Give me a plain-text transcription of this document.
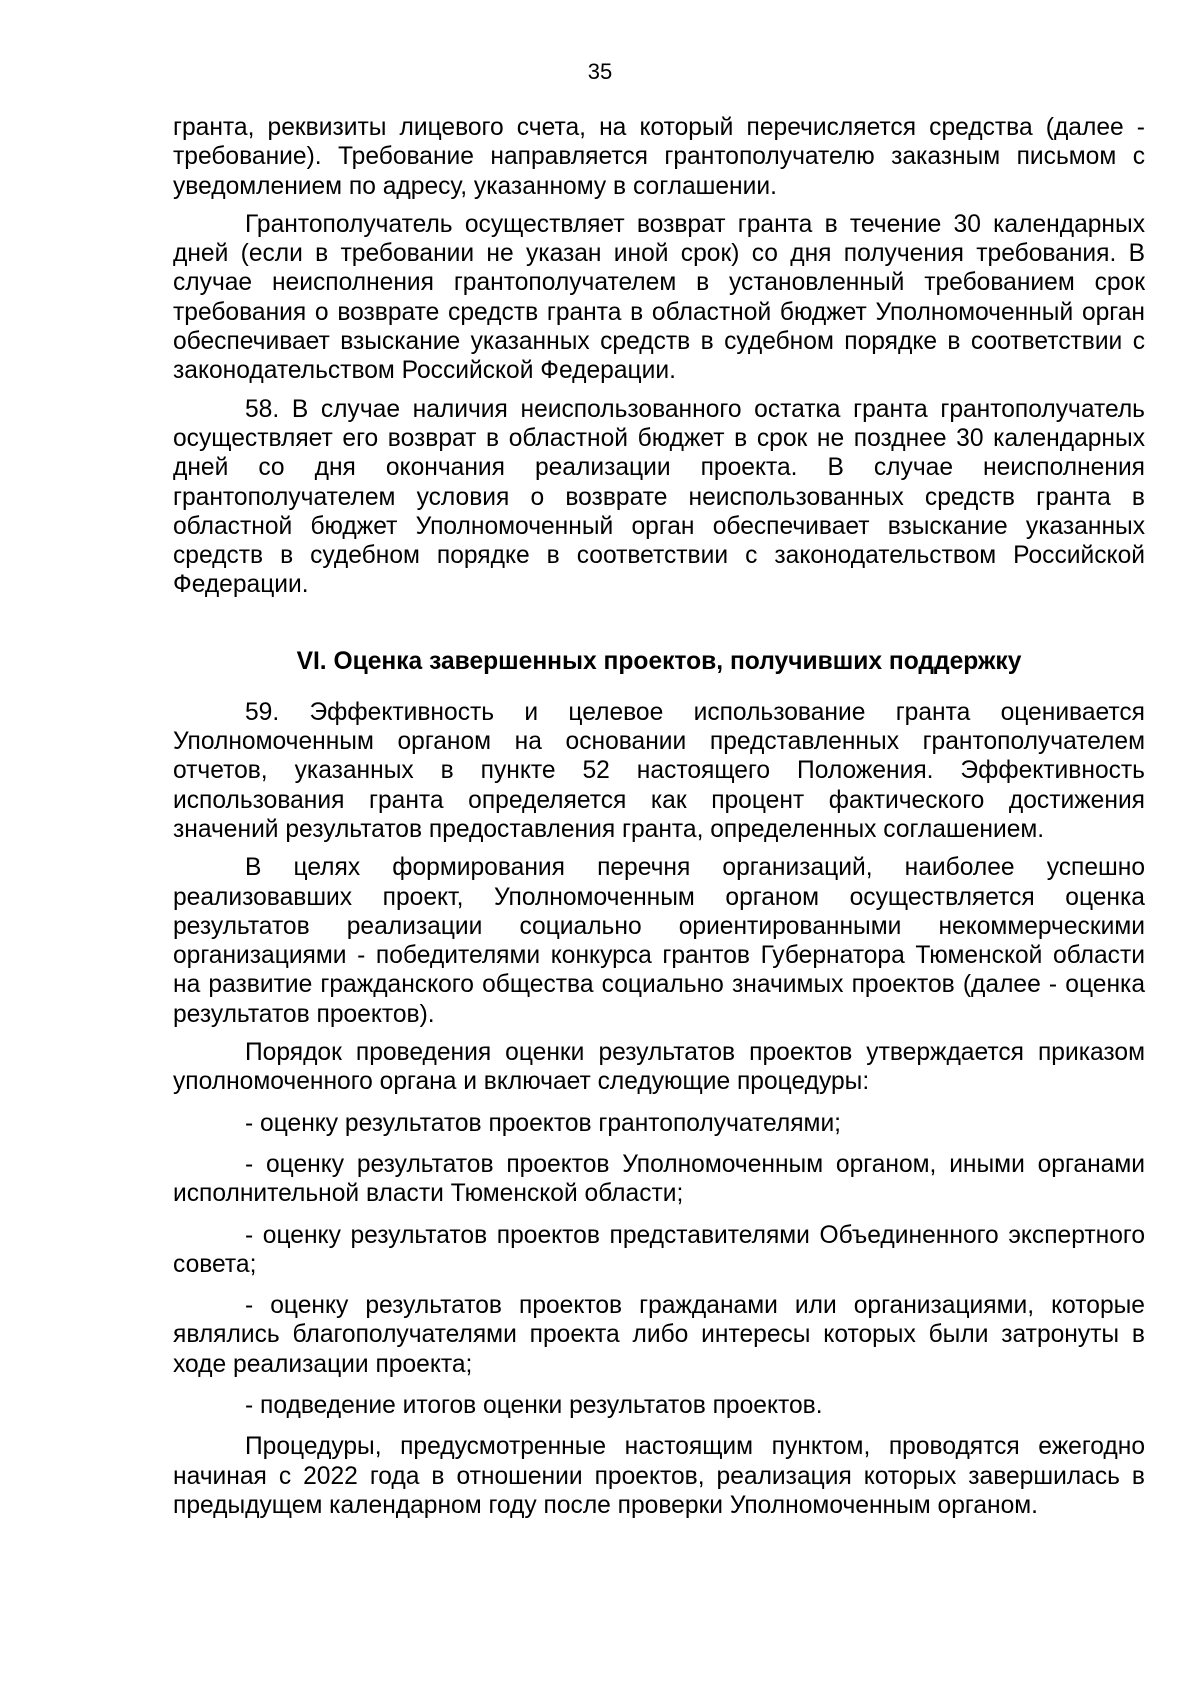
35

гранта, реквизиты лицевого счета, на который перечисляется средства (далее - требование). Требование направляется грантополучателю заказным письмом с уведомлением по адресу, указанному в соглашении.

Грантополучатель осуществляет возврат гранта в течение 30 календарных дней (если в требовании не указан иной срок) со дня получения требования. В случае неисполнения грантополучателем в установленный требованием срок требования о возврате средств гранта в областной бюджет Уполномоченный орган обеспечивает взыскание указанных средств в судебном порядке в соответствии с законодательством Российской Федерации.

58. В случае наличия неиспользованного остатка гранта грантополучатель осуществляет его возврат в областной бюджет в срок не позднее 30 календарных дней со дня окончания реализации проекта. В случае неисполнения грантополучателем условия о возврате неиспользованных средств гранта в областной бюджет Уполномоченный орган обеспечивает взыскание указанных средств в судебном порядке в соответствии с законодательством Российской Федерации.

VI. Оценка завершенных проектов, получивших поддержку

59. Эффективность и целевое использование гранта оценивается Уполномоченным органом на основании представленных грантополучателем отчетов, указанных в пункте 52 настоящего Положения. Эффективность использования гранта определяется как процент фактического достижения значений результатов предоставления гранта, определенных соглашением.

В целях формирования перечня организаций, наиболее успешно реализовавших проект, Уполномоченным органом осуществляется оценка результатов реализации социально ориентированными некоммерческими организациями - победителями конкурса грантов Губернатора Тюменской области на развитие гражданского общества социально значимых проектов (далее - оценка результатов проектов).

Порядок проведения оценки результатов проектов утверждается приказом уполномоченного органа и включает следующие процедуры:

- оценку результатов проектов грантополучателями;

- оценку результатов проектов Уполномоченным органом, иными органами исполнительной власти Тюменской области;

- оценку результатов проектов представителями Объединенного экспертного совета;

- оценку результатов проектов гражданами или организациями, которые являлись благополучателями проекта либо интересы которых были затронуты в ходе реализации проекта;

- подведение итогов оценки результатов проектов.

Процедуры, предусмотренные настоящим пунктом, проводятся ежегодно начиная с 2022 года в отношении проектов, реализация которых завершилась в предыдущем календарном году после проверки Уполномоченным органом.
